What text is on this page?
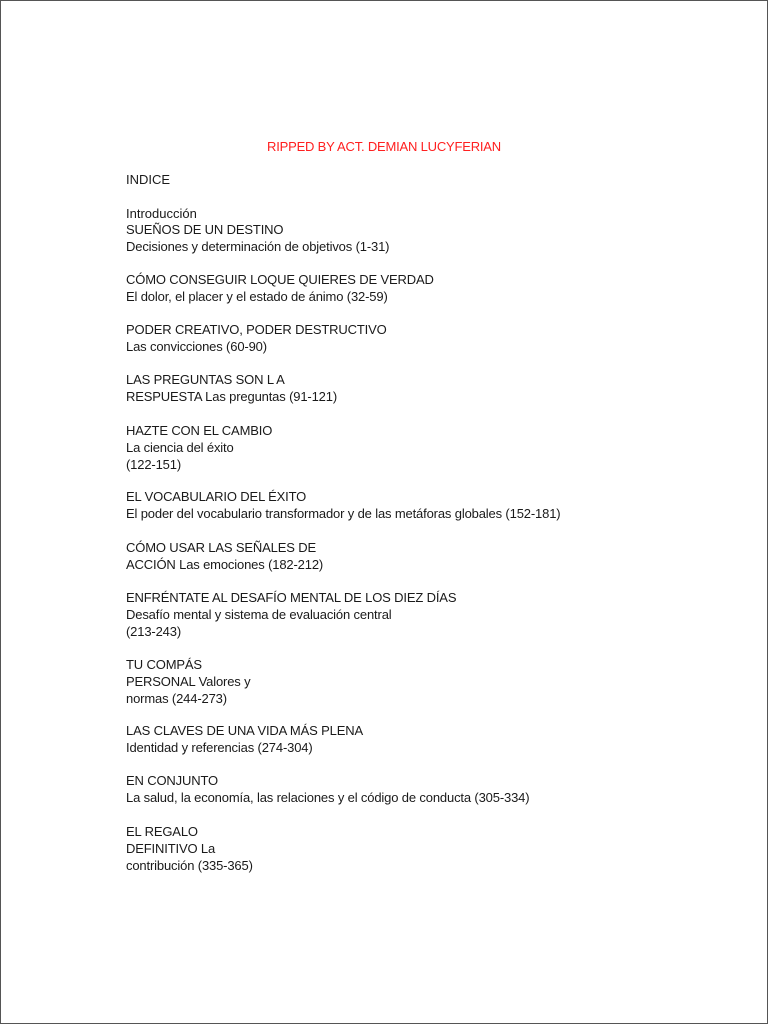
RIPPED BY ACT. DEMIAN LUCYFERIAN
INDICE
Introducción
SUEÑOS DE UN DESTINO
Decisiones y determinación de objetivos (1-31)
CÓMO CONSEGUIR LOQUE QUIERES DE VERDAD
El dolor, el placer y el estado de ánimo (32-59)
PODER CREATIVO, PODER DESTRUCTIVO
Las convicciones (60-90)
LAS PREGUNTAS SON L A
RESPUESTA Las preguntas (91-121)
HAZTE CON EL CAMBIO
La ciencia del éxito
(122-151)
EL VOCABULARIO DEL ÉXITO
El poder del vocabulario transformador y de las metáforas globales (152-181)
CÓMO USAR LAS SEÑALES DE
ACCIÓN Las emociones (182-212)
ENFRÉNTATE AL DESAFÍO MENTAL DE LOS DIEZ DÍAS
Desafío mental y sistema de evaluación central
(213-243)
TU COMPÁS
PERSONAL Valores y
normas (244-273)
LAS CLAVES DE UNA VIDA MÁS PLENA
Identidad y referencias (274-304)
EN CONJUNTO
La salud, la economía, las relaciones y el código de conducta (305-334)
EL REGALO
DEFINITIVO La
contribución (335-365)
